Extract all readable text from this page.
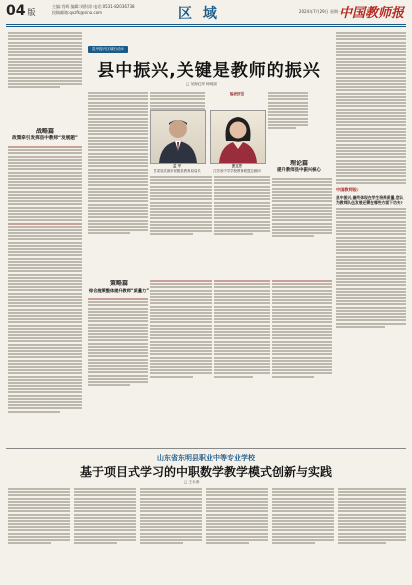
04 版
主编:肖辉 编辑:刘积涛 电话:0531-82036738
投稿邮箱:qxzfk@sina.com	区 域	2024年7月29日 星期一
中国教师报
战略篇
政策牵引发挥县中教师“发展题”
县中振兴区域行动①
县中振兴,关键是教师的振兴
□ 吴海红萍 杨明丽
孟 平
甘肃省武威市民勤县教育局局长
张玉芳
江苏省中学学校教育联盟总顾问
编者按语
理论篇
提升教师县中振兴核心
中国教师报:
县中振兴,最终体现在学生培养质量,您认为教师队伍发展还需在哪些方面下功夫?
策略篇
综合施策整体提升教师“质量力”
山东省东明县职业中等专业学校
基于项目式学习的中职数学教学模式创新与实践
□ 王永涛
